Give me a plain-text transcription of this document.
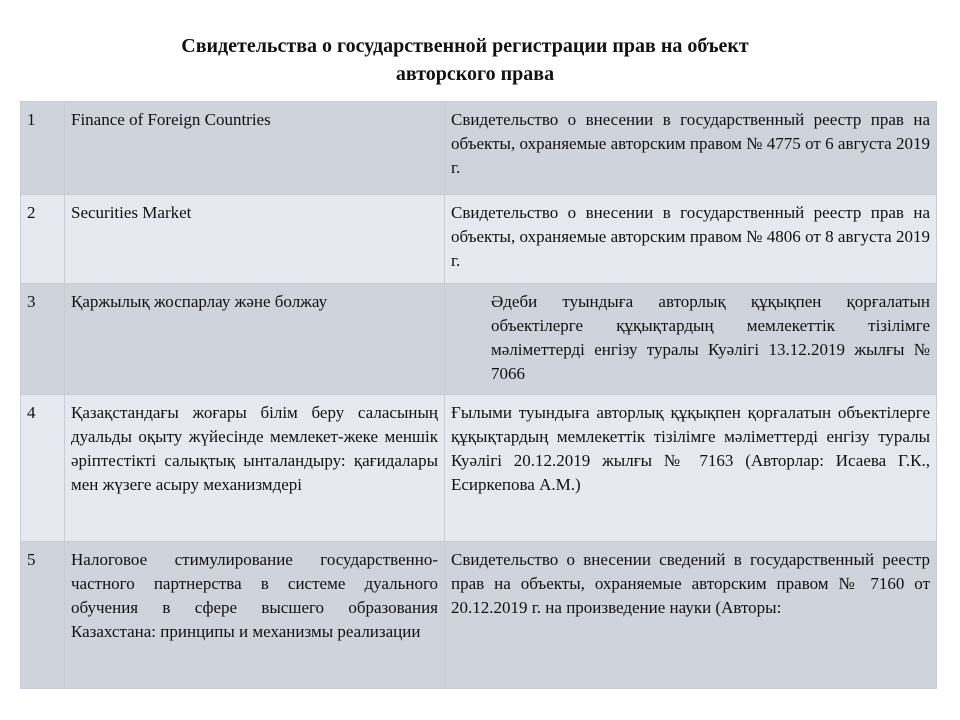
Свидетельства о государственной регистрации прав на объект
авторского права
1	Finance of Foreign Countries	Свидетельство о внесении в государственный реестр прав на объекты, охраняемые авторским правом № 4775 от 6 августа 2019 г.
2	Securities Market	Свидетельство о внесении в государственный реестр прав на объекты, охраняемые авторским правом № 4806 от 8 августа 2019 г.
3	Қаржылық жоспарлау және болжау	Әдеби туындыға авторлық құқықпен қорғалатын объектілерге құқықтардың мемлекеттік тізілімге мәліметтерді енгізу туралы Куәлігі 13.12.2019 жылғы № 7066
4	Қазақстандағы жоғары білім беру саласының дуальды оқыту жүйесінде мемлекет-жеке меншік әріптестікті салықтық ынталандыру: қағидалары мен жүзеге асыру механизмдері	Ғылыми туындыға авторлық құқықпен қорғалатын объектілерге құқықтардың мемлекеттік тізілімге мәліметтерді енгізу туралы Куәлігі 20.12.2019 жылғы № 7163 (Авторлар: Исаева Г.К., Есиркепова А.М.)
5	Налоговое стимулирование государственно-частного партнерства в системе дуального обучения в сфере высшего образования Казахстана: принципы и механизмы реализации	Свидетельство о внесении сведений в государственный реестр прав на объекты, охраняемые авторским правом № 7160 от 20.12.2019 г. на произведение науки (Авторы:
